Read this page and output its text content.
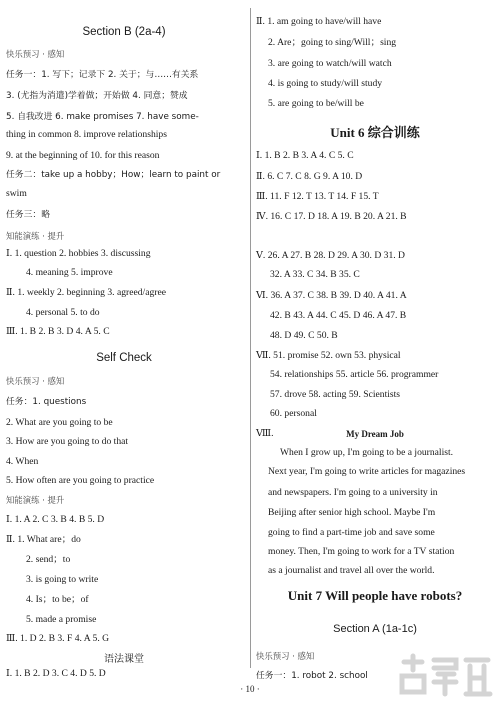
Section B (2a-4)
快乐预习 · 感知
任务一：1. 写下；记录下 2. 关于；与……有关系
3. (尤指为消遣)学着做；开始做 4. 同意；赞成
5. 自我改进 6. make promises 7. have some-
thing in common 8. improve relationships
9. at the beginning of 10. for this reason
任务二：take up a hobby；How；learn to paint or
swim
任务三：略
知能演练 · 提升
Ⅰ. 1. question 2. hobbies 3. discussing
4. meaning 5. improve
Ⅱ. 1. weekly 2. beginning 3. agreed/agree
4. personal 5. to do
Ⅲ. 1. B 2. B 3. D 4. A 5. C
Self Check
快乐预习 · 感知
任务：1. questions
2. What are you going to be
3. How are you going to do that
4. When
5. How often are you going to practice
知能演练 · 提升
Ⅰ. 1. A 2. C 3. B 4. B 5. D
Ⅱ. 1. What are；do
2. send；to
3. is going to write
4. Is；to be；of
5. made a promise
Ⅲ. 1. D 2. B 3. F 4. A 5. G
语法课堂
Ⅰ. 1. B 2. D 3. C 4. D 5. D
Ⅱ. 1. am going to have/will have
2. Are；going to sing/Will；sing
3. are going to watch/will watch
4. is going to study/will study
5. are going to be/will be
Unit 6 综合训练
Ⅰ. 1. B 2. B 3. A 4. C 5. C
Ⅱ. 6. C 7. C 8. G 9. A 10. D
Ⅲ. 11. F 12. T 13. T 14. F 15. T
Ⅳ. 16. C 17. D 18. A 19. B 20. A 21. B
Ⅴ. 26. A 27. B 28. D 29. A 30. D 31. D
32. A 33. C 34. B 35. C
Ⅵ. 36. A 37. C 38. B 39. D 40. A 41. A
42. B 43. A 44. C 45. D 46. A 47. B
48. D 49. C 50. B
Ⅶ. 51. promise 52. own 53. physical
54. relationships 55. article 56. programmer
57. drove 58. acting 59. Scientists
60. personal
Ⅷ.	My Dream Job
When I grow up, I'm going to be a journalist.
Next year, I'm going to write articles for magazines
and newspapers. I'm going to a university in
Beijing after senior high school. Maybe I'm
going to find a part-time job and save some
money. Then, I'm going to work for a TV station
as a journalist and travel all over the world.
Unit 7 Will people have robots?
Section A (1a-1c)
快乐预习 · 感知
任务一：1. robot 2. school
· 10 ·
